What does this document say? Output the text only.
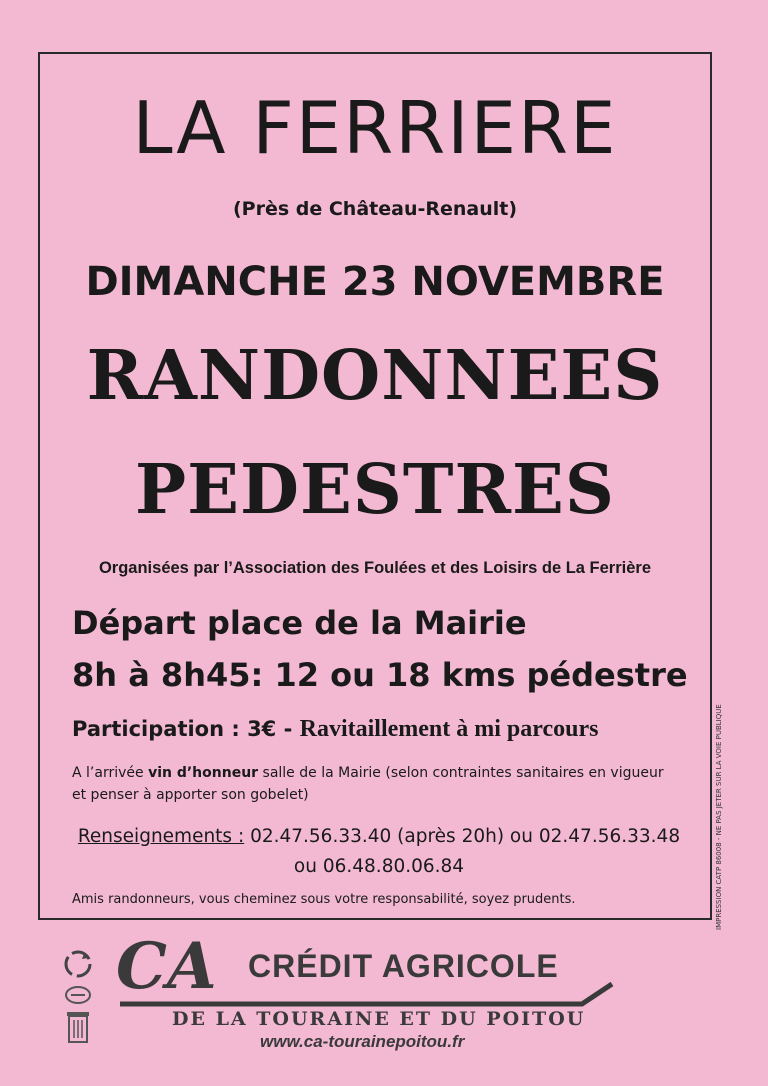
LA FERRIERE
(Près de Château-Renault)
DIMANCHE 23 NOVEMBRE
RANDONNEES
PEDESTRES
Organisées par l’Association des Foulées et des Loisirs de La Ferrière
Départ place de la Mairie
8h à 8h45: 12 ou 18 kms pédestre
Participation : 3€ - Ravitaillement à mi parcours
A l’arrivée vin d’honneur salle de la Mairie (selon contraintes sanitaires en vigueur et penser à apporter son gobelet)
Renseignements : 02.47.56.33.40 (après 20h) ou 02.47.56.33.48 ou 06.48.80.06.84
Amis randonneurs, vous cheminez sous votre responsabilité, soyez prudents.	IMPRESSION CATP 86008 - NE PAS JETER SUR LA VOIE PUBLIQUE
CA CRÉDIT AGRICOLE
DE LA TOURAINE ET DU POITOU
www.ca-tourainepoitou.fr
